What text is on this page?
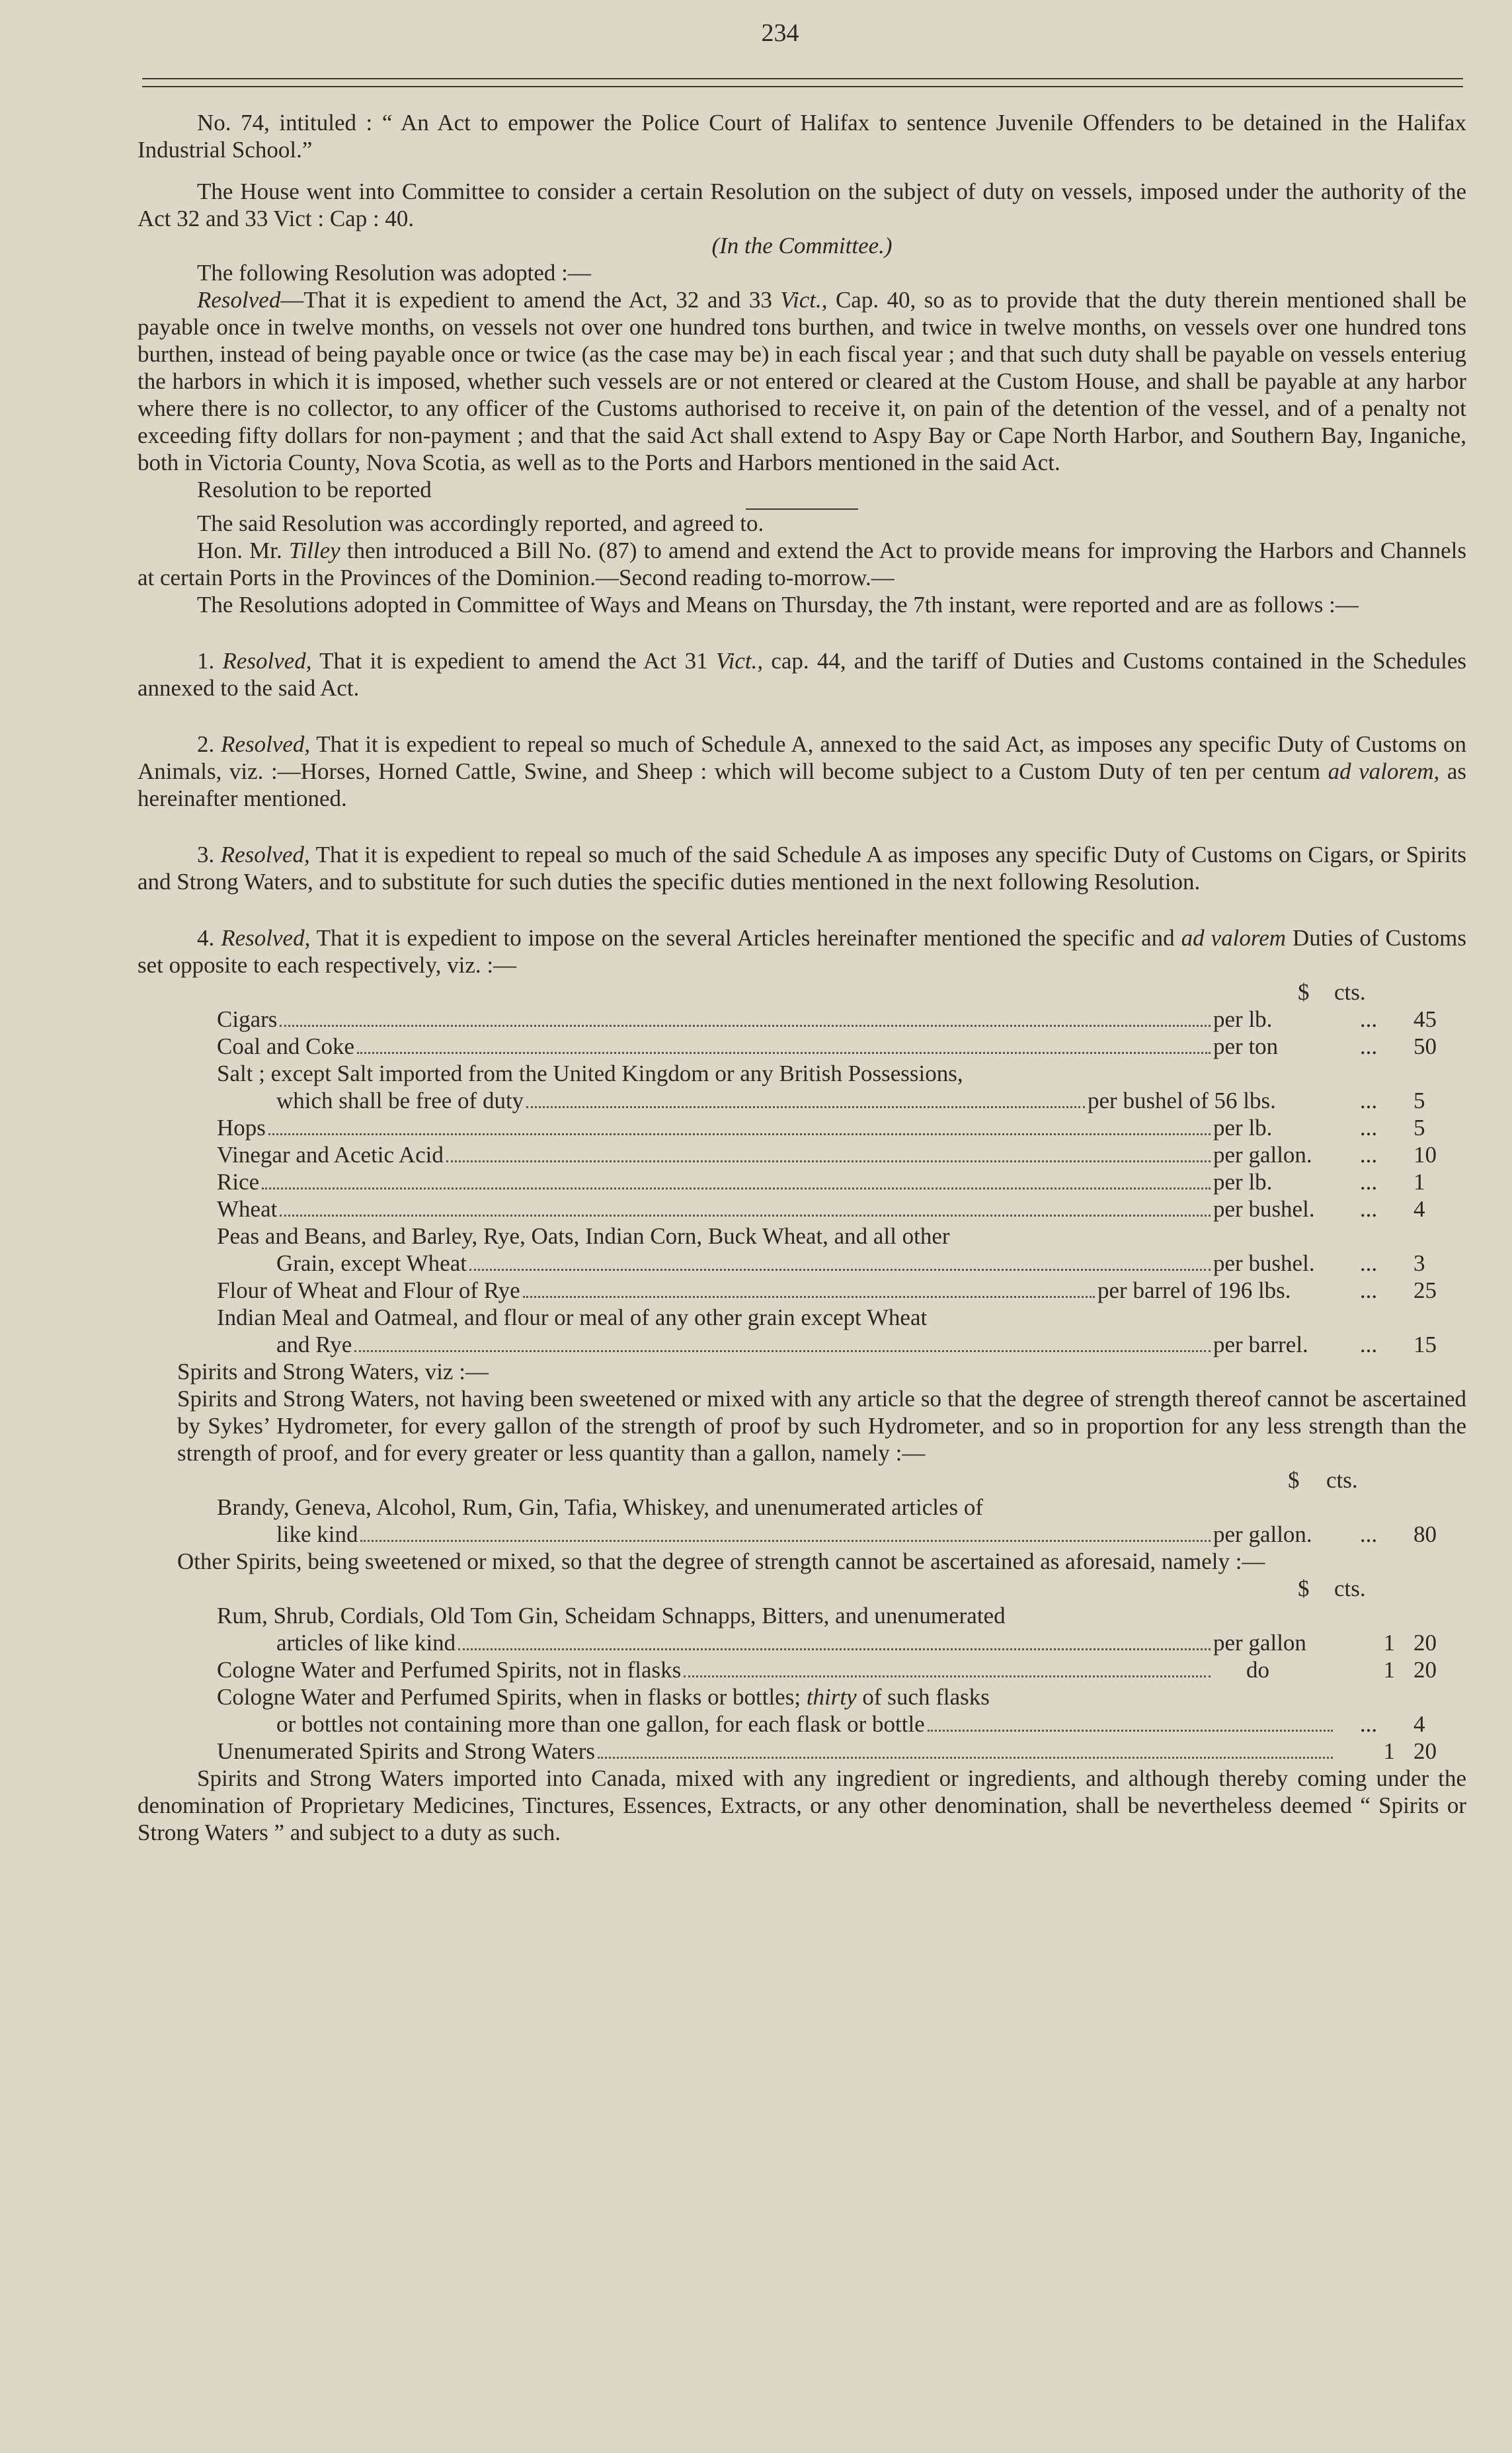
234

No. 74, intituled : “ An Act to empower the Police Court of Halifax to sentence Juvenile Offenders to be detained in the Halifax Industrial School.”

The House went into Committee to consider a certain Resolution on the subject of duty on vessels, imposed under the authority of the Act 32 and 33 Vict : Cap : 40.

(In the Committee.)

The following Resolution was adopted :—

Resolved—That it is expedient to amend the Act, 32 and 33 Vict., Cap. 40, so as to provide that the duty therein mentioned shall be payable once in twelve months, on vessels not over one hundred tons burthen, and twice in twelve months, on vessels over one hundred tons burthen, instead of being payable once or twice (as the case may be) in each fiscal year ; and that such duty shall be payable on vessels enteriug the harbors in which it is imposed, whether such vessels are or not entered or cleared at the Custom House, and shall be payable at any harbor where there is no collector, to any officer of the Customs authorised to receive it, on pain of the detention of the vessel, and of a penalty not exceeding fifty dollars for non-payment ; and that the said Act shall extend to Aspy Bay or Cape North Harbor, and Southern Bay, Inganiche, both in Victoria County, Nova Scotia, as well as to the Ports and Harbors mentioned in the said Act.

Resolution to be reported

The said Resolution was accordingly reported, and agreed to.

Hon. Mr. Tilley then introduced a Bill No. (87) to amend and extend the Act to provide means for improving the Harbors and Channels at certain Ports in the Provinces of the Dominion.—Second reading to-morrow.—

The Resolutions adopted in Committee of Ways and Means on Thursday, the 7th instant, were reported and are as follows :—

1. Resolved, That it is expedient to amend the Act 31 Vict., cap. 44, and the tariff of Duties and Customs contained in the Schedules annexed to the said Act.

2. Resolved, That it is expedient to repeal so much of Schedule A, annexed to the said Act, as imposes any specific Duty of Customs on Animals, viz. :—Horses, Horned Cattle, Swine, and Sheep : which will become subject to a Custom Duty of ten per centum ad valorem, as hereinafter mentioned.

3. Resolved, That it is expedient to repeal so much of the said Schedule A as imposes any specific Duty of Customs on Cigars, or Spirits and Strong Waters, and to substitute for such duties the specific duties mentioned in the next following Resolution.

4. Resolved, That it is expedient to impose on the several Articles hereinafter mentioned the specific and ad valorem Duties of Customs set opposite to each respectively, viz. :—

$ cts.
Cigars	per lb.	...	45
Coal and Coke	per ton	...	50

Salt ; except Salt imported from the United Kingdom or any British Possessions,

which shall be free of duty	per bushel of 56 lbs.	...	5
Hops	per lb.	...	5
Vinegar and Acetic Acid	per gallon.	...	10
Rice	per lb.	...	1
Wheat	per bushel.	...	4

Peas and Beans, and Barley, Rye, Oats, Indian Corn, Buck Wheat, and all other

Grain, except Wheat	per bushel.	...	3
Flour of Wheat and Flour of Rye	per barrel of 196 lbs.	...	25

Indian Meal and Oatmeal, and flour or meal of any other grain except Wheat

and Rye	per barrel.	...	15

Spirits and Strong Waters, viz :—

Spirits and Strong Waters, not having been sweetened or mixed with any article so that the degree of strength thereof cannot be ascertained by Sykes’ Hydrometer, for every gallon of the strength of proof by such Hydrometer, and so in proportion for any less strength than the strength of proof, and for every greater or less quantity than a gallon, namely :—

$ cts.

Brandy, Geneva, Alcohol, Rum, Gin, Tafia, Whiskey, and unenumerated articles of

like kind	per gallon.	...	80

Other Spirits, being sweetened or mixed, so that the degree of strength cannot be ascertained as aforesaid, namely :—

$ cts.

Rum, Shrub, Cordials, Old Tom Gin, Scheidam Schnapps, Bitters, and unenumerated

articles of like kind	per gallon	1 20
Cologne Water and Perfumed Spirits, not in flasks	do	1 20

Cologne Water and Perfumed Spirits, when in flasks or bottles; thirty of such flasks

or bottles not containing more than one gallon, for each flask or bottle	...	4
Unenumerated Spirits and Strong Waters	1 20

Spirits and Strong Waters imported into Canada, mixed with any ingredient or ingredients, and although thereby coming under the denomination of Proprietary Medicines, Tinctures, Essences, Extracts, or any other denomination, shall be nevertheless deemed “ Spirits or Strong Waters ” and subject to a duty as such.
